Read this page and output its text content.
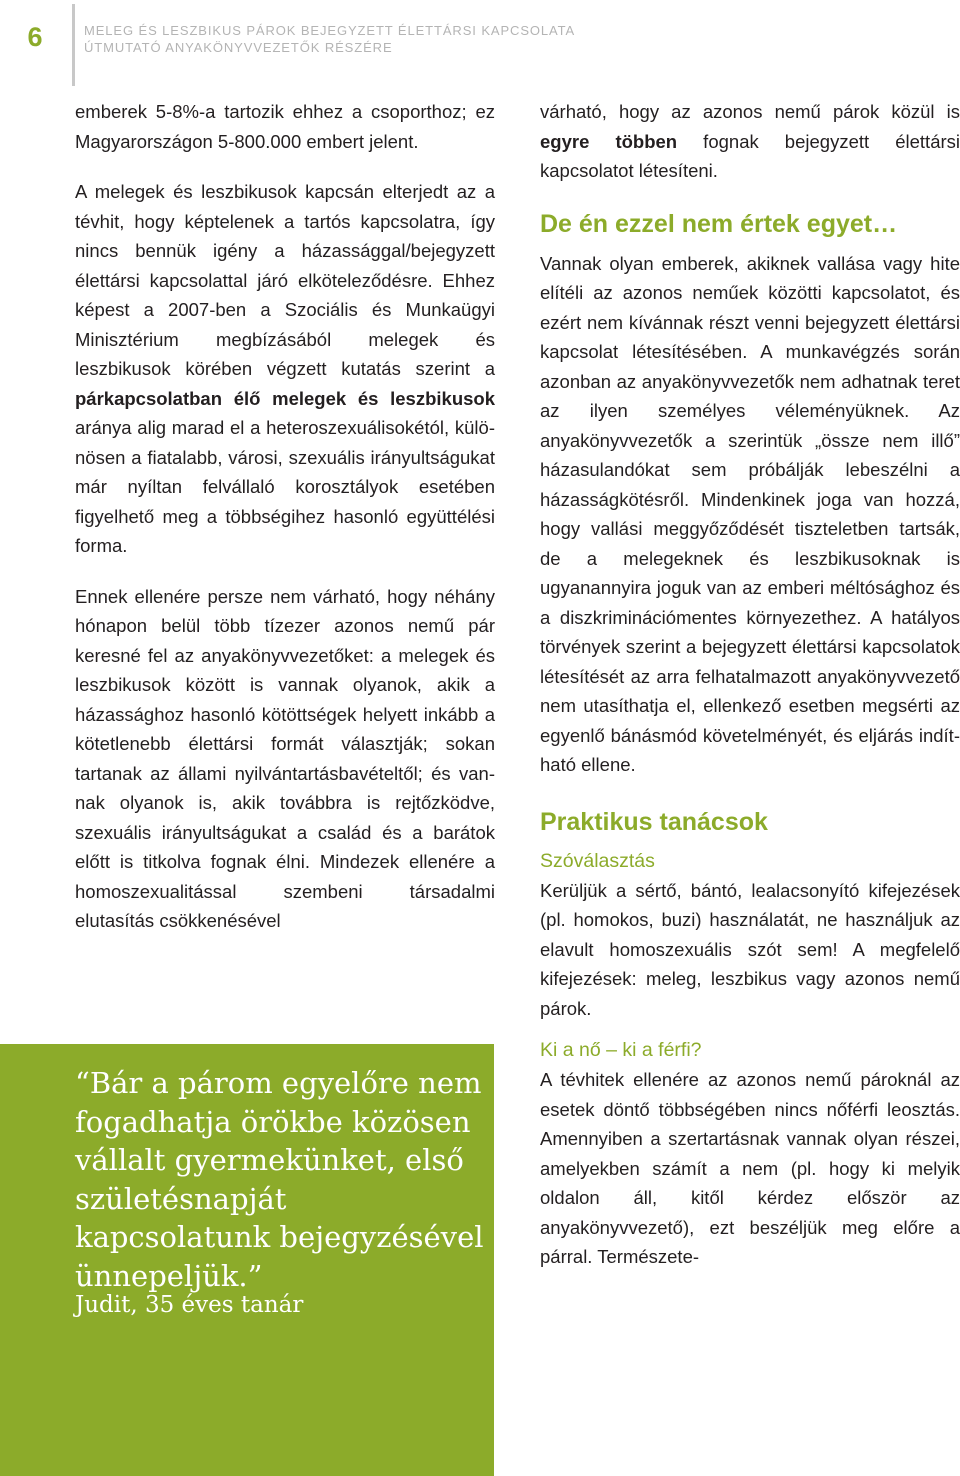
6	MELEG ÉS LESZBIKUS PÁROK BEJEGYZETT ÉLETTÁRSI KAPCSOLATA
ÚTMUTATÓ ANYAKÖNYVVEZETŐK RÉSZÉRE

emberek 5-8%-a tartozik ehhez a csoporthoz; ez Magyarországon 5-800.000 embert jelent.

A melegek és leszbikusok kapcsán elterjedt az a tévhit, hogy képtelenek a tartós kapcsolatra, így nincs bennük igény a házassággal/bejegyzett élettársi kapcsolattal járó elköteleződésre. Ehhez képest a 2007-ben a Szociális és Munkaügyi Minisztérium megbízásából melegek és leszbikusok körében végzett kutatás szerint a párkapcsolatban élő melegek és leszbikusok aránya alig marad el a heteroszexuálisokétól, különösen a fiatalabb, városi, szexuális irányultságukat már nyíltan felvállaló korosztályok esetében figyelhető meg a többségihez hasonló együttélési forma.

Ennek ellenére persze nem várható, hogy néhány hónapon belül több tízezer azonos nemű pár keresné fel az anyakönyvvezetőket: a melegek és leszbikusok között is vannak olyanok, akik a házassághoz hasonló kötöttségek helyett inkább a kötetlenebb élettársi formát választják; sokan tartanak az állami nyilvántartásbavételtől; és vannak olyanok is, akik továbbra is rejtőzködve, szexuális irányultságukat a család és a barátok előtt is titkolva fognak élni. Mindezek ellenére a homoszexualitással szembeni társadalmi elutasítás csökkenésével

“Bár a párom egyelőre nem fogadhatja örökbe közösen vállalt gyermekünket, első születésnapját kapcsolatunk bejegyzésével ünnepeljük.”
Judit, 35 éves tanár

várható, hogy az azonos nemű párok közül is egyre többen fognak bejegyzett élettársi kapcsolatot létesíteni.

De én ezzel nem értek egyet…

Vannak olyan emberek, akiknek vallása vagy hite elítéli az azonos neműek közötti kapcsolatot, és ezért nem kívánnak részt venni bejegyzett élettársi kapcsolat létesítésében. A munkavégzés során azonban az anyakönyvvezetők nem adhatnak teret az ilyen személyes véleményüknek. Az anyakönyvvezetők a szerintük „össze nem illő” házasulandókat sem próbálják lebeszélni a házasságkötésről. Mindenkinek joga van hozzá, hogy vallási meggyőződését tiszteletben tartsák, de a melegeknek és leszbikusoknak is ugyanannyira joguk van az emberi méltósághoz és a diszkriminációmentes környezethez. A hatályos törvények szerint a bejegyzett élettársi kapcsolatok létesítését az arra felhatalmazott anyakönyvvezető nem utasíthatja el, ellenkező esetben megsérti az egyenlő bánásmód követelményét, és eljárás indítható ellene.

Praktikus tanácsok
Szóválasztás

Kerüljük a sértő, bántó, lealacsonyító kifejezések (pl. homokos, buzi) használatát, ne használjuk az elavult homoszexuális szót sem! A megfelelő kifejezések: meleg, leszbikus vagy azonos nemű párok.

Ki a nő – ki a férfi?

A tévhitek ellenére az azonos nemű pároknál az esetek döntő többségében nincs nőférfi leosztás. Amennyiben a szertartásnak vannak olyan részei, amelyekben számít a nem (pl. hogy ki melyik oldalon áll, kitől kérdez először az anyakönyvvezető), ezt beszéljük meg előre a párral. Természete-
